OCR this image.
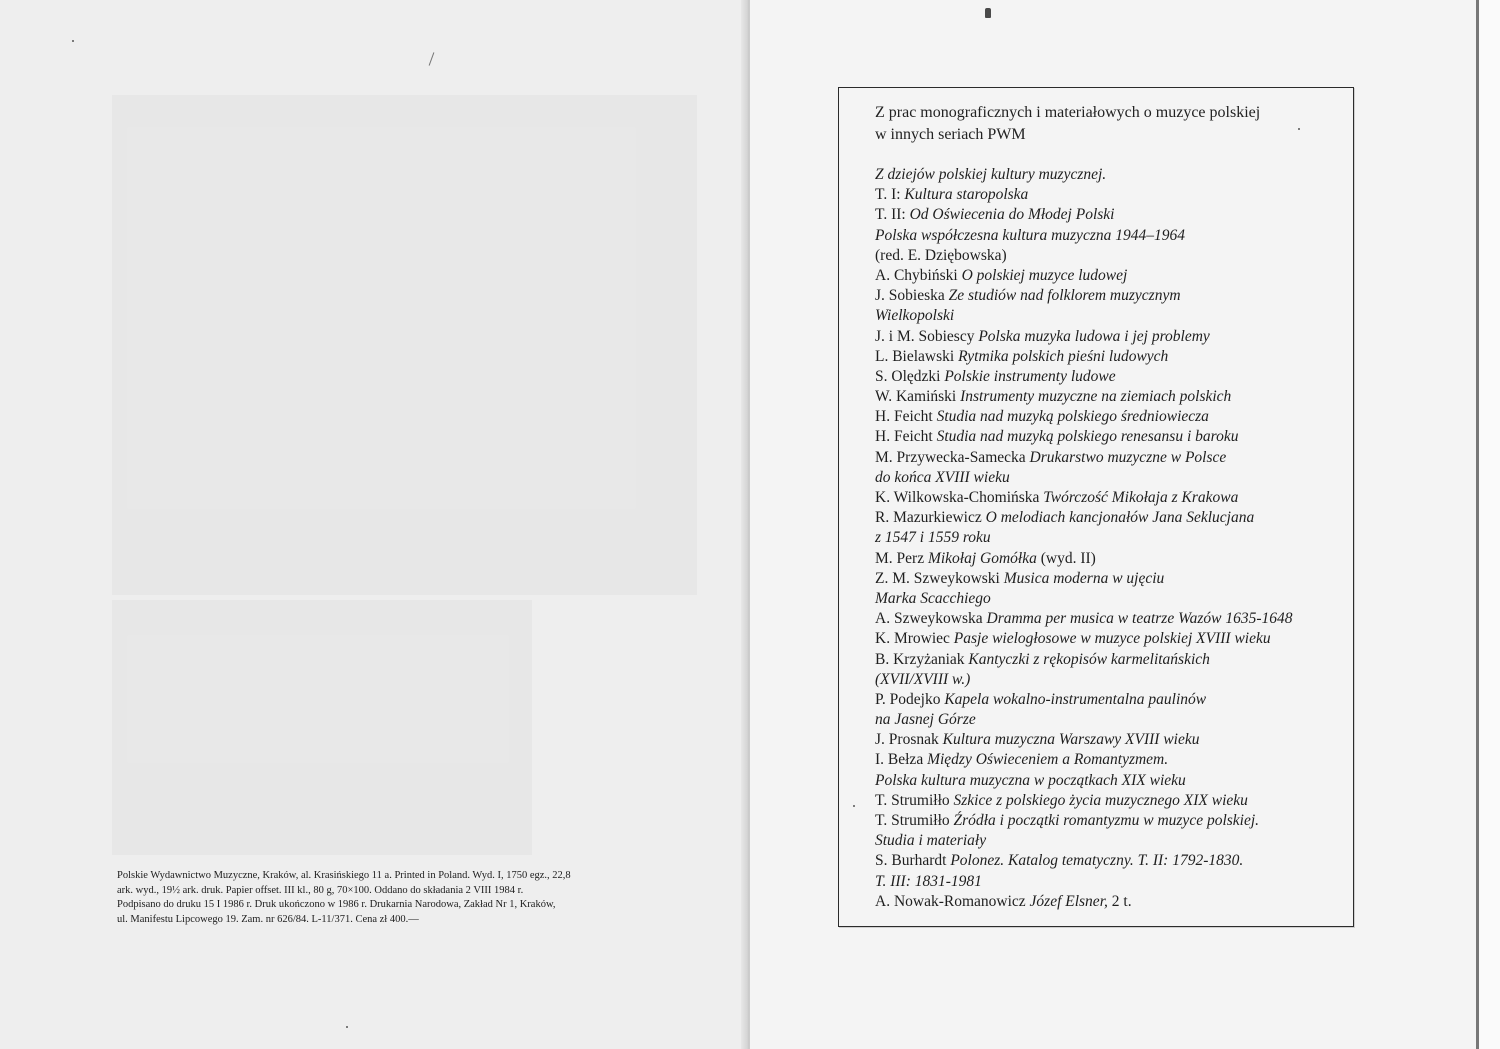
Polskie Wydawnictwo Muzyczne, Kraków, al. Krasińskiego 11 a. Printed in Poland. Wyd. I, 1750 egz., 22,8
ark. wyd., 19½ ark. druk. Papier offset. III kl., 80 g, 70×100. Oddano do składania 2 VIII 1984 r.
Podpisano do druku 15 I 1986 r. Druk ukończono w 1986 r. Drukarnia Narodowa, Zakład Nr 1, Kraków,
ul. Manifestu Lipcowego 19. Zam. nr 626/84. L-11/371. Cena zł 400.—
Z prac monograficznych i materiałowych o muzyce polskiej
w innych seriach PWM
Z dziejów polskiej kultury muzycznej.
T. I: Kultura staropolska
T. II: Od Oświecenia do Młodej Polski
Polska współczesna kultura muzyczna 1944–1964
(red. E. Dziębowska)
A. Chybiński O polskiej muzyce ludowej
J. Sobieska Ze studiów nad folklorem muzycznym
Wielkopolski
J. i M. Sobiescy Polska muzyka ludowa i jej problemy
L. Bielawski Rytmika polskich pieśni ludowych
S. Olędzki Polskie instrumenty ludowe
W. Kamiński Instrumenty muzyczne na ziemiach polskich
H. Feicht Studia nad muzyką polskiego średniowiecza
H. Feicht Studia nad muzyką polskiego renesansu i baroku
M. Przywecka-Samecka Drukarstwo muzyczne w Polsce
do końca XVIII wieku
K. Wilkowska-Chomińska Twórczość Mikołaja z Krakowa
R. Mazurkiewicz O melodiach kancjonałów Jana Seklucjana
z 1547 i 1559 roku
M. Perz Mikołaj Gomółka (wyd. II)
Z. M. Szweykowski Musica moderna w ujęciu
Marka Scacchiego
A. Szweykowska Dramma per musica w teatrze Wazów 1635-1648
K. Mrowiec Pasje wielogłosowe w muzyce polskiej XVIII wieku
B. Krzyżaniak Kantyczki z rękopisów karmelitańskich
(XVII/XVIII w.)
P. Podejko Kapela wokalno-instrumentalna paulinów
na Jasnej Górze
J. Prosnak Kultura muzyczna Warszawy XVIII wieku
I. Bełza Między Oświeceniem a Romantyzmem.
Polska kultura muzyczna w początkach XIX wieku
T. Strumiłło Szkice z polskiego życia muzycznego XIX wieku
T. Strumiłło Źródła i początki romantyzmu w muzyce polskiej.
Studia i materiały
S. Burhardt Polonez. Katalog tematyczny. T. II: 1792-1830.
T. III: 1831-1981
A. Nowak-Romanowicz Józef Elsner, 2 t.
